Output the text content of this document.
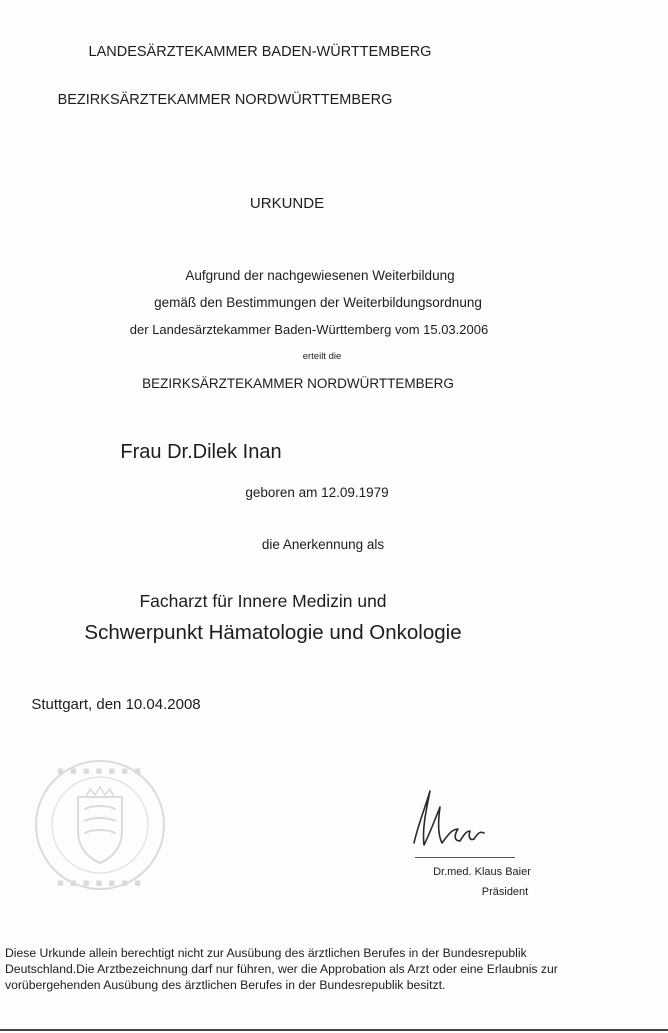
LANDESÄRZTEKAMMER BADEN-WÜRTTEMBERG
BEZIRKSÄRZTEKAMMER NORDWÜRTTEMBERG
URKUNDE
Aufgrund der nachgewiesenen Weiterbildung
gemäß den Bestimmungen der Weiterbildungsordnung
der Landesärztekammer Baden-Württemberg vom 15.03.2006
erteilt die
BEZIRKSÄRZTEKAMMER NORDWÜRTTEMBERG
Frau Dr.Dilek Inan
geboren am 12.09.1979
die Anerkennung als
Facharzt für Innere Medizin und
Schwerpunkt Hämatologie und Onkologie
Stuttgart, den 10.04.2008
■ ■ ■ ■ ■ ■ ■
■ ■ ■ ■ ■ ■ ■
Dr.med. Klaus Baier
Präsident
Diese Urkunde allein berechtigt nicht zur Ausübung des ärztlichen Berufes in der Bundesrepublik
Deutschland.Die Arztbezeichnung darf nur führen, wer die Approbation als Arzt oder eine Erlaubnis zur
vorübergehenden Ausübung des ärztlichen Berufes in der Bundesrepublik besitzt.
